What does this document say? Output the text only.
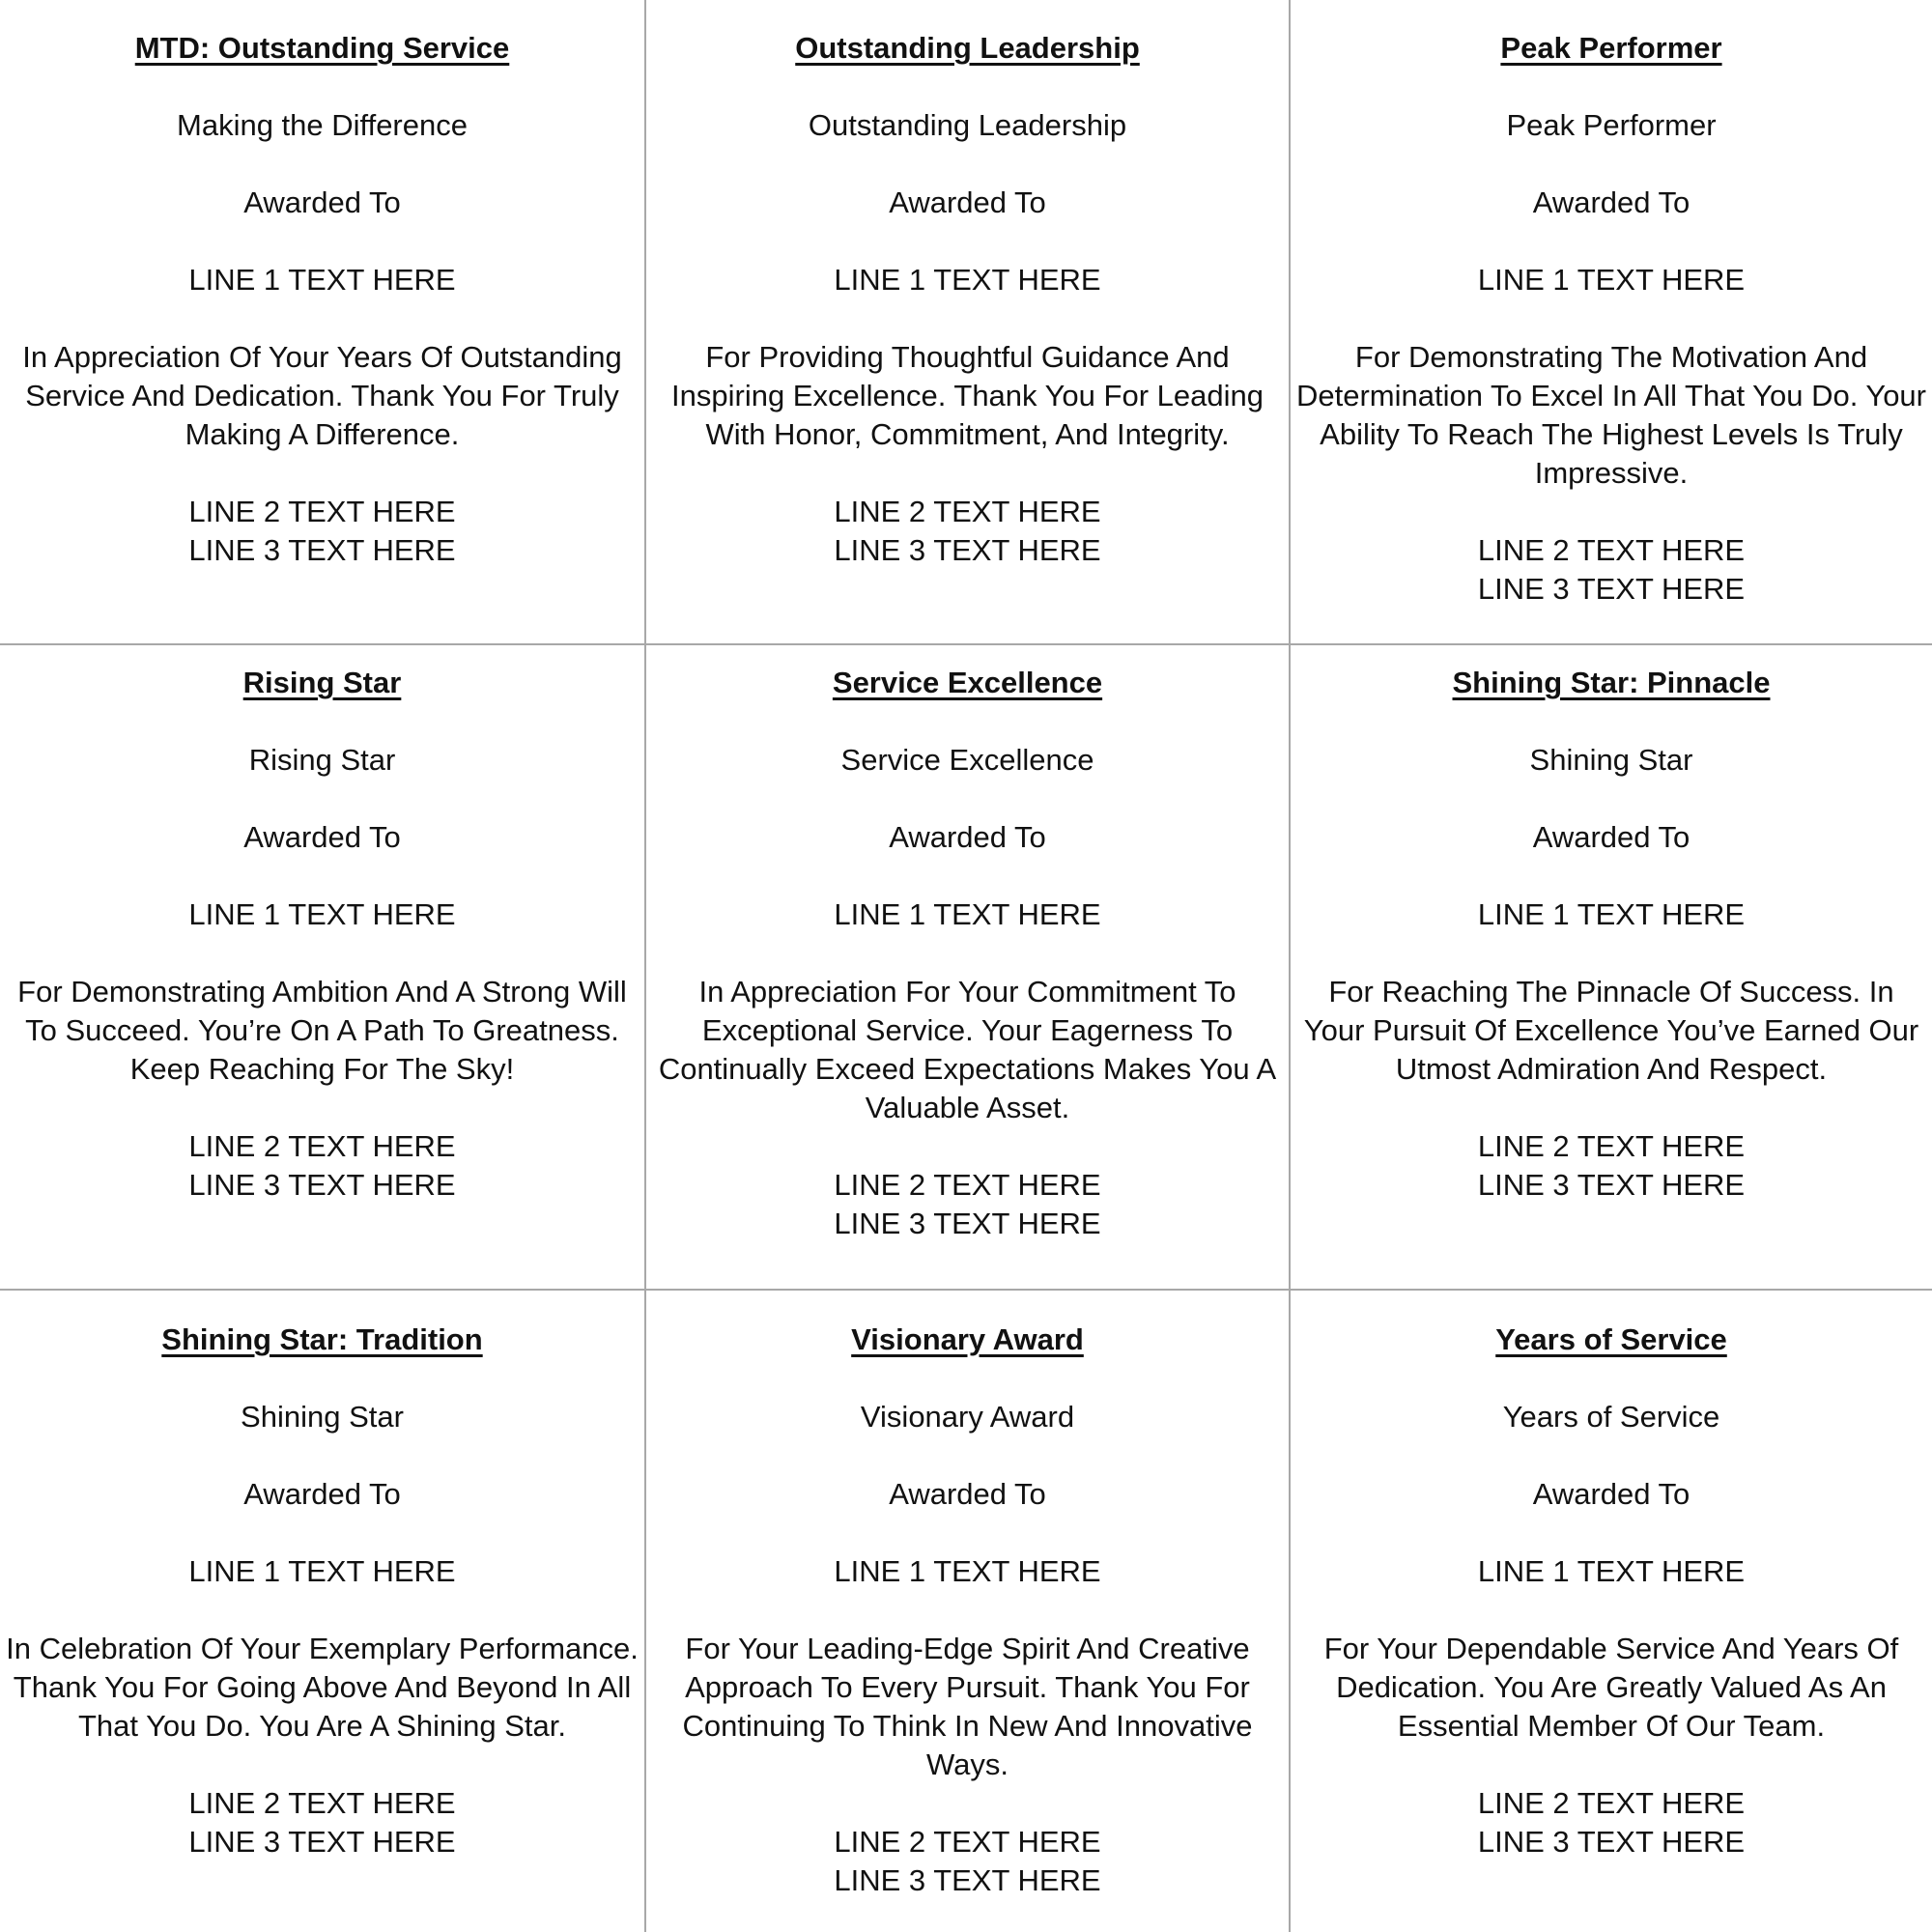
MTD: Outstanding Service

Making the Difference

Awarded To

LINE 1 TEXT HERE

In Appreciation Of Your Years Of Outstanding Service And Dedication. Thank You For Truly Making A Difference.

LINE 2 TEXT HERE

LINE 3 TEXT HERE

Outstanding Leadership

Outstanding Leadership

Awarded To

LINE 1 TEXT HERE

For Providing Thoughtful Guidance And Inspiring Excellence. Thank You For Leading With Honor, Commitment, And Integrity.

LINE 2 TEXT HERE

LINE 3 TEXT HERE

Peak Performer

Peak Performer

Awarded To

LINE 1 TEXT HERE

For Demonstrating The Motivation And Determination To Excel In All That You Do. Your Ability To Reach The Highest Levels Is Truly Impressive.

LINE 2 TEXT HERE

LINE 3 TEXT HERE

Rising Star

Rising Star

Awarded To

LINE 1 TEXT HERE

For Demonstrating Ambition And A Strong Will To Succeed. You’re On A Path To Greatness. Keep Reaching For The Sky!

LINE 2 TEXT HERE

LINE 3 TEXT HERE

Service Excellence

Service Excellence

Awarded To

LINE 1 TEXT HERE

In Appreciation For Your Commitment To Exceptional Service. Your Eagerness To Continually Exceed Expectations Makes You A Valuable Asset.

LINE 2 TEXT HERE

LINE 3 TEXT HERE

Shining Star: Pinnacle

Shining Star

Awarded To

LINE 1 TEXT HERE

For Reaching The Pinnacle Of Success. In Your Pursuit Of Excellence You’ve Earned Our Utmost Admiration And Respect.

LINE 2 TEXT HERE

LINE 3 TEXT HERE

Shining Star: Tradition

Shining Star

Awarded To

LINE 1 TEXT HERE

In Celebration Of Your Exemplary Performance. Thank You For Going Above And Beyond In All That You Do. You Are A Shining Star.

LINE 2 TEXT HERE

LINE 3 TEXT HERE

Visionary Award

Visionary Award

Awarded To

LINE 1 TEXT HERE

For Your Leading-Edge Spirit And Creative Approach To Every Pursuit. Thank You For Continuing To Think In New And Innovative Ways.

LINE 2 TEXT HERE

LINE 3 TEXT HERE

Years of Service

Years of Service

Awarded To

LINE 1 TEXT HERE

For Your Dependable Service And Years Of Dedication. You Are Greatly Valued As An Essential Member Of Our Team.

LINE 2 TEXT HERE

LINE 3 TEXT HERE
